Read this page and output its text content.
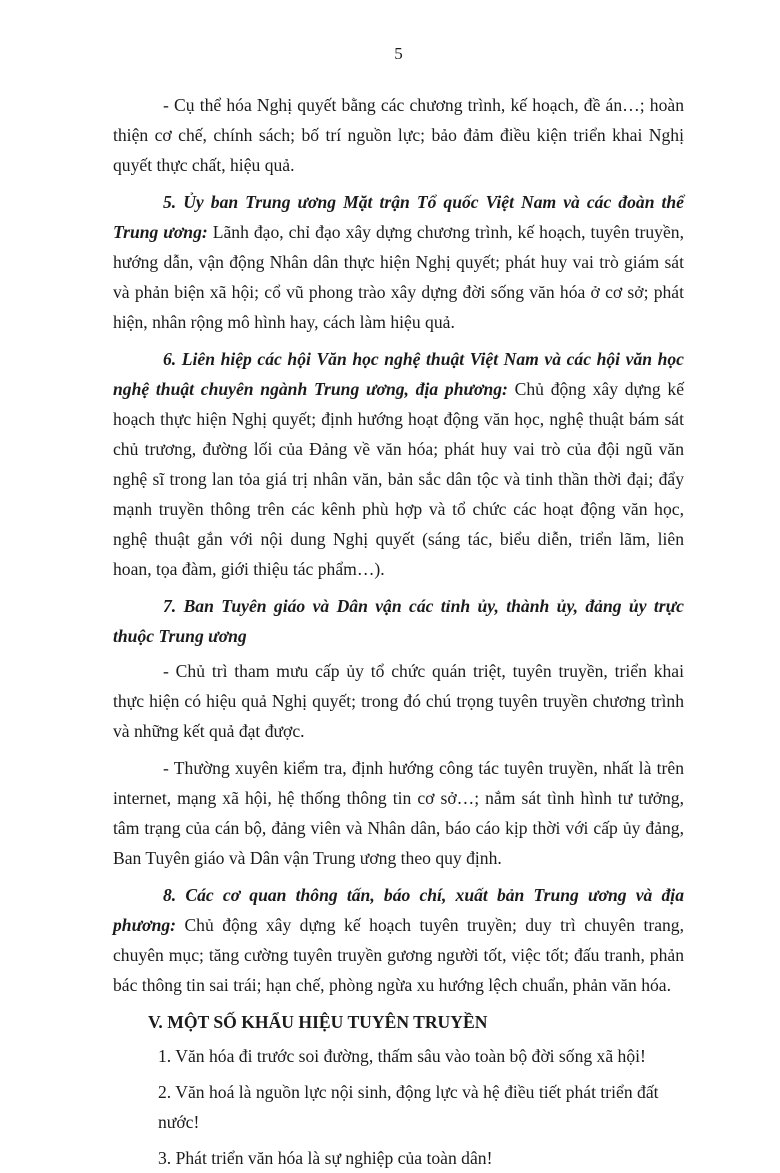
5

- Cụ thể hóa Nghị quyết bằng các chương trình, kế hoạch, đề án…; hoàn thiện cơ chế, chính sách; bố trí nguồn lực; bảo đảm điều kiện triển khai Nghị quyết thực chất, hiệu quả.

5. Ủy ban Trung ương Mặt trận Tổ quốc Việt Nam và các đoàn thể Trung ương: Lãnh đạo, chỉ đạo xây dựng chương trình, kế hoạch, tuyên truyền, hướng dẫn, vận động Nhân dân thực hiện Nghị quyết; phát huy vai trò giám sát và phản biện xã hội; cổ vũ phong trào xây dựng đời sống văn hóa ở cơ sở; phát hiện, nhân rộng mô hình hay, cách làm hiệu quả.

6. Liên hiệp các hội Văn học nghệ thuật Việt Nam và các hội văn học nghệ thuật chuyên ngành Trung ương, địa phương: Chủ động xây dựng kế hoạch thực hiện Nghị quyết; định hướng hoạt động văn học, nghệ thuật bám sát chủ trương, đường lối của Đảng về văn hóa; phát huy vai trò của đội ngũ văn nghệ sĩ trong lan tỏa giá trị nhân văn, bản sắc dân tộc và tinh thần thời đại; đẩy mạnh truyền thông trên các kênh phù hợp và tổ chức các hoạt động văn học, nghệ thuật gắn với nội dung Nghị quyết (sáng tác, biểu diễn, triển lãm, liên hoan, tọa đàm, giới thiệu tác phẩm…).

7. Ban Tuyên giáo và Dân vận các tỉnh ủy, thành ủy, đảng ủy trực thuộc Trung ương

- Chủ trì tham mưu cấp ủy tổ chức quán triệt, tuyên truyền, triển khai thực hiện có hiệu quả Nghị quyết; trong đó chú trọng tuyên truyền chương trình và những kết quả đạt được.

- Thường xuyên kiểm tra, định hướng công tác tuyên truyền, nhất là trên internet, mạng xã hội, hệ thống thông tin cơ sở…; nắm sát tình hình tư tưởng, tâm trạng của cán bộ, đảng viên và Nhân dân, báo cáo kịp thời với cấp ủy đảng, Ban Tuyên giáo và Dân vận Trung ương theo quy định.

8. Các cơ quan thông tấn, báo chí, xuất bản Trung ương và địa phương: Chủ động xây dựng kế hoạch tuyên truyền; duy trì chuyên trang, chuyên mục; tăng cường tuyên truyền gương người tốt, việc tốt; đấu tranh, phản bác thông tin sai trái; hạn chế, phòng ngừa xu hướng lệch chuẩn, phản văn hóa.

V. MỘT SỐ KHẨU HIỆU TUYÊN TRUYỀN
1. Văn hóa đi trước soi đường, thấm sâu vào toàn bộ đời sống xã hội!
2. Văn hoá là nguồn lực nội sinh, động lực và hệ điều tiết phát triển đất nước!
3. Phát triển văn hóa là sự nghiệp của toàn dân!
